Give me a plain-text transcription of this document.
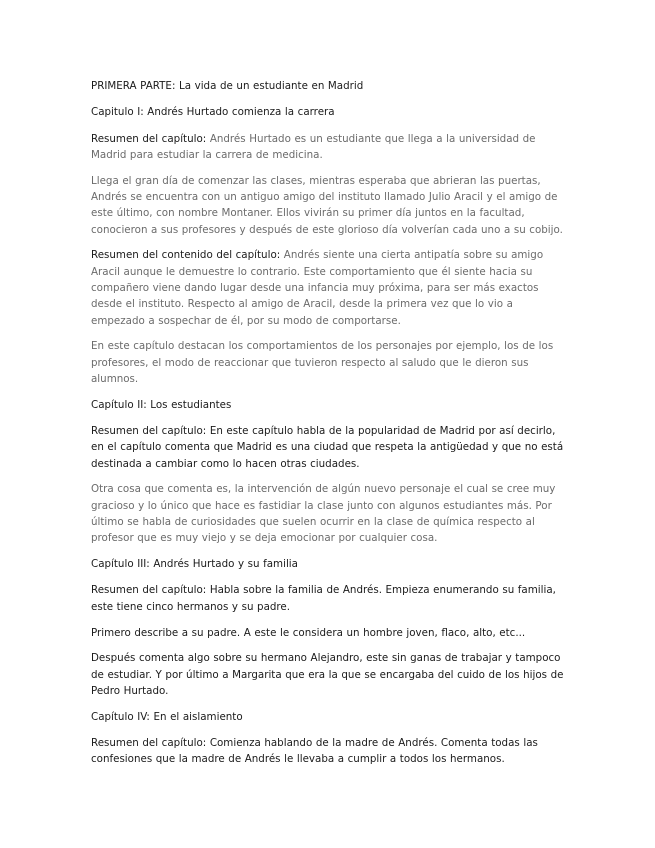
PRIMERA PARTE: La vida de un estudiante en Madrid

Capitulo I: Andrés Hurtado comienza la carrera

Resumen del capítulo: Andrés Hurtado es un estudiante que llega a la universidad de Madrid para estudiar la carrera de medicina.

Llega el gran día de comenzar las clases, mientras esperaba que abrieran las puertas, Andrés se encuentra con un antiguo amigo del instituto llamado Julio Aracil y el amigo de este último, con nombre Montaner. Ellos vivirán su primer día juntos en la facultad, conocieron a sus profesores y después de este glorioso día volverían cada uno a su cobijo.

Resumen del contenido del capítulo: Andrés siente una cierta antipatía sobre su amigo Aracil aunque le demuestre lo contrario. Este comportamiento que él siente hacia su compañero viene dando lugar desde una infancia muy próxima, para ser más exactos desde el instituto. Respecto al amigo de Aracil, desde la primera vez que lo vio a empezado a sospechar de él, por su modo de comportarse.

En este capítulo destacan los comportamientos de los personajes por ejemplo, los de los profesores, el modo de reaccionar que tuvieron respecto al saludo que le dieron sus alumnos.

Capítulo II: Los estudiantes

Resumen del capítulo: En este capítulo habla de la popularidad de Madrid por así decirlo, en el capítulo comenta que Madrid es una ciudad que respeta la antigüedad y que no está destinada a cambiar como lo hacen otras ciudades.

Otra cosa que comenta es, la intervención de algún nuevo personaje el cual se cree muy gracioso y lo único que hace es fastidiar la clase junto con algunos estudiantes más. Por último se habla de curiosidades que suelen ocurrir en la clase de química respecto al profesor que es muy viejo y se deja emocionar por cualquier cosa.

Capítulo III: Andrés Hurtado y su familia

Resumen del capítulo: Habla sobre la familia de Andrés. Empieza enumerando su familia, este tiene cinco hermanos y su padre.

Primero describe a su padre. A este le considera un hombre joven, flaco, alto, etc...

Después comenta algo sobre su hermano Alejandro, este sin ganas de trabajar y tampoco de estudiar. Y por último a Margarita que era la que se encargaba del cuido de los hijos de Pedro Hurtado.

Capítulo IV: En el aislamiento

Resumen del capítulo: Comienza hablando de la madre de Andrés. Comenta todas las confesiones que la madre de Andrés le llevaba a cumplir a todos los hermanos.
